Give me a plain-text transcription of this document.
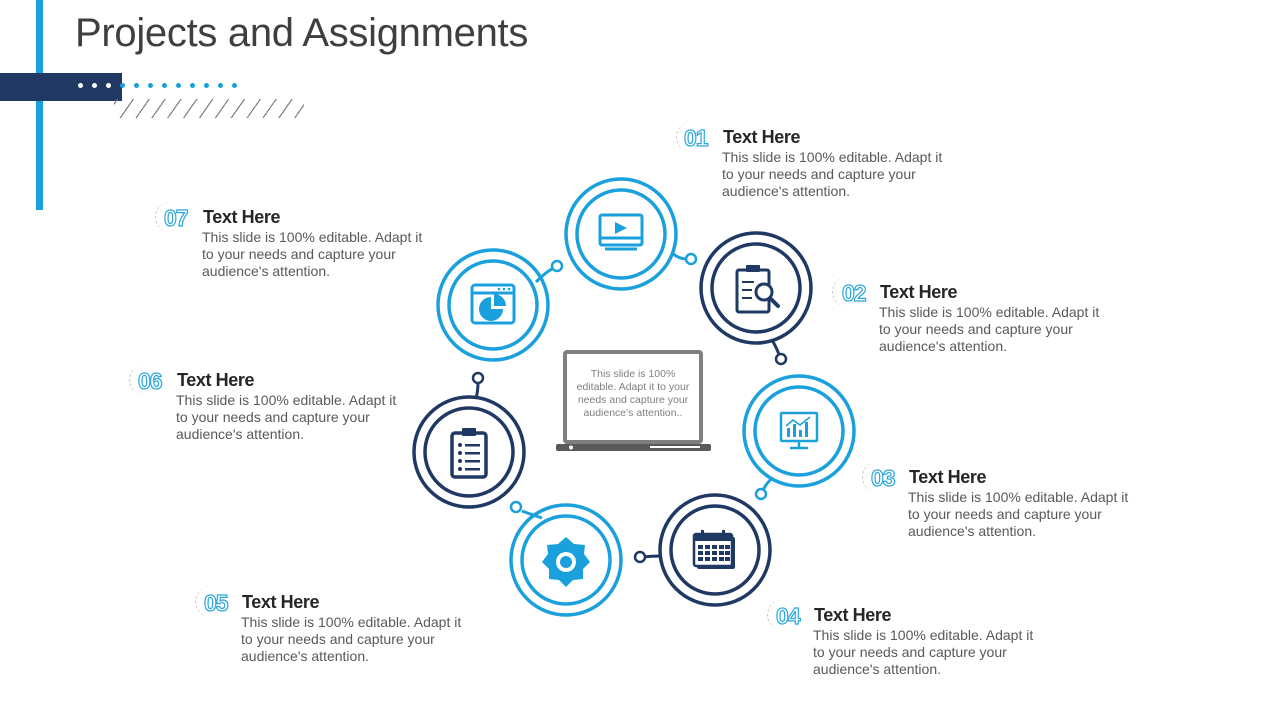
Projects and Assignments
This slide is 100% editable. Adapt it to your needs and capture your audience's attention..
01 Text Here
This slide is 100% editable. Adapt it to your needs and capture your audience's attention.
02 Text Here
This slide is 100% editable. Adapt it to your needs and capture your audience's attention.
03 Text Here
This slide is 100% editable. Adapt it to your needs and capture your audience's attention.
04 Text Here
This slide is 100% editable. Adapt it to your needs and capture your audience's attention.
05 Text Here
This slide is 100% editable. Adapt it to your needs and capture your audience's attention.
06 Text Here
This slide is 100% editable. Adapt it to your needs and capture your audience's attention.
07 Text Here
This slide is 100% editable. Adapt it to your needs and capture your audience's attention.
